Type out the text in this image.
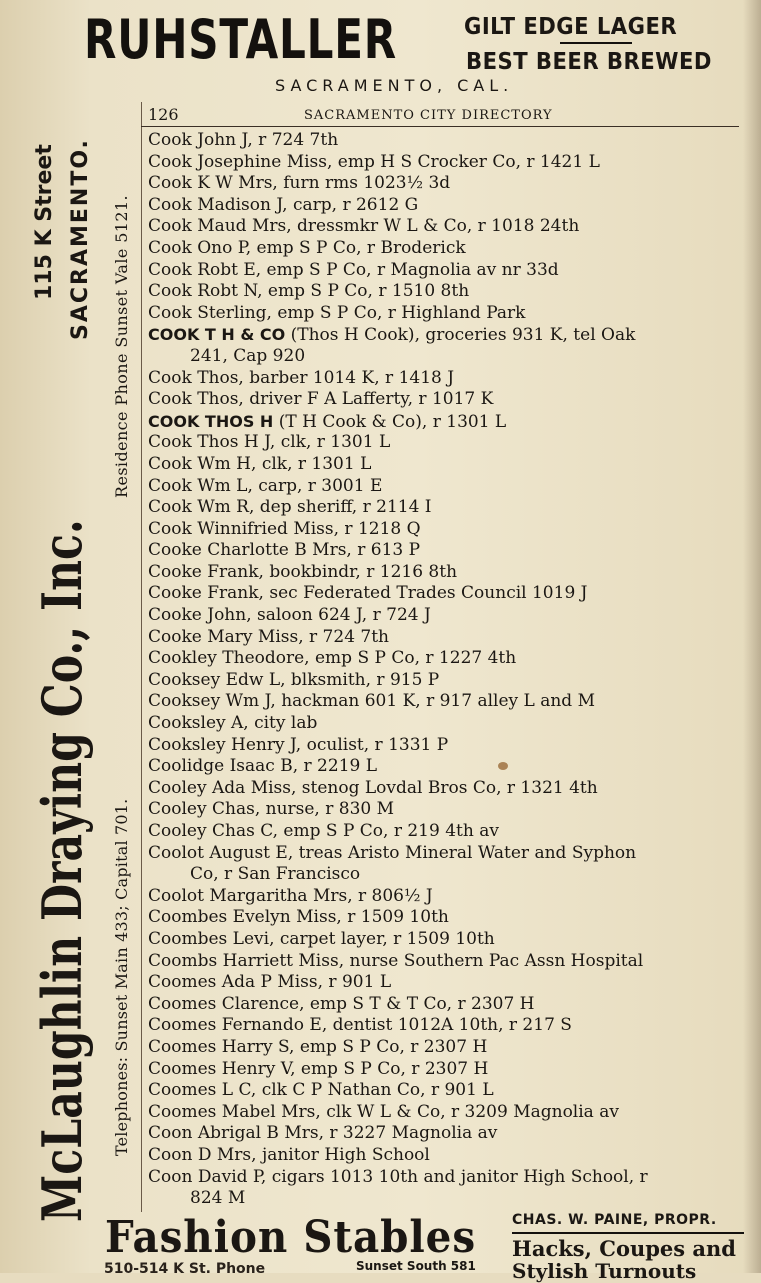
RUHSTALLER	GILT EDGE LAGER
BEST BEER BREWED
SACRAMENTO, CAL.
McLaughlin Draying Co., Inc.
115 K Street SACRAMENTO. Residence Phone Sunset Vale 5121.
Telephones: Sunset Main 433; Capital 701.
126	SACRAMENTO CITY DIRECTORY
Cook John J, r 724 7th
Cook Josephine Miss, emp H S Crocker Co, r 1421 L
Cook K W Mrs, furn rms 1023½ 3d
Cook Madison J, carp, r 2612 G
Cook Maud Mrs, dressmkr W L & Co, r 1018 24th
Cook Ono P, emp S P Co, r Broderick
Cook Robt E, emp S P Co, r Magnolia av nr 33d
Cook Robt N, emp S P Co, r 1510 8th
Cook Sterling, emp S P Co, r Highland Park
COOK T H & CO (Thos H Cook), groceries 931 K, tel Oak
241, Cap 920
Cook Thos, barber 1014 K, r 1418 J
Cook Thos, driver F A Lafferty, r 1017 K
COOK THOS H (T H Cook & Co), r 1301 L
Cook Thos H J, clk, r 1301 L
Cook Wm H, clk, r 1301 L
Cook Wm L, carp, r 3001 E
Cook Wm R, dep sheriff, r 2114 I
Cook Winnifried Miss, r 1218 Q
Cooke Charlotte B Mrs, r 613 P
Cooke Frank, bookbindr, r 1216 8th
Cooke Frank, sec Federated Trades Council 1019 J
Cooke John, saloon 624 J, r 724 J
Cooke Mary Miss, r 724 7th
Cookley Theodore, emp S P Co, r 1227 4th
Cooksey Edw L, blksmith, r 915 P
Cooksey Wm J, hackman 601 K, r 917 alley L and M
Cooksley A, city lab
Cooksley Henry J, oculist, r 1331 P
Coolidge Isaac B, r 2219 L
Cooley Ada Miss, stenog Lovdal Bros Co, r 1321 4th
Cooley Chas, nurse, r 830 M
Cooley Chas C, emp S P Co, r 219 4th av
Coolot August E, treas Aristo Mineral Water and Syphon
Co, r San Francisco
Coolot Margaritha Mrs, r 806½ J
Coombes Evelyn Miss, r 1509 10th
Coombes Levi, carpet layer, r 1509 10th
Coombs Harriett Miss, nurse Southern Pac Assn Hospital
Coomes Ada P Miss, r 901 L
Coomes Clarence, emp S T & T Co, r 2307 H
Coomes Fernando E, dentist 1012A 10th, r 217 S
Coomes Harry S, emp S P Co, r 2307 H
Coomes Henry V, emp S P Co, r 2307 H
Coomes L C, clk C P Nathan Co, r 901 L
Coomes Mabel Mrs, clk W L & Co, r 3209 Magnolia av
Coon Abrigal B Mrs, r 3227 Magnolia av
Coon D Mrs, janitor High School
Coon David P, cigars 1013 10th and janitor High School, r
824 M
Fashion Stables	CHAS. W. PAINE, PROPR.
Hacks, Coupes and
510-514 K St. Phone	Sunset South 581 Stylish Turnouts
